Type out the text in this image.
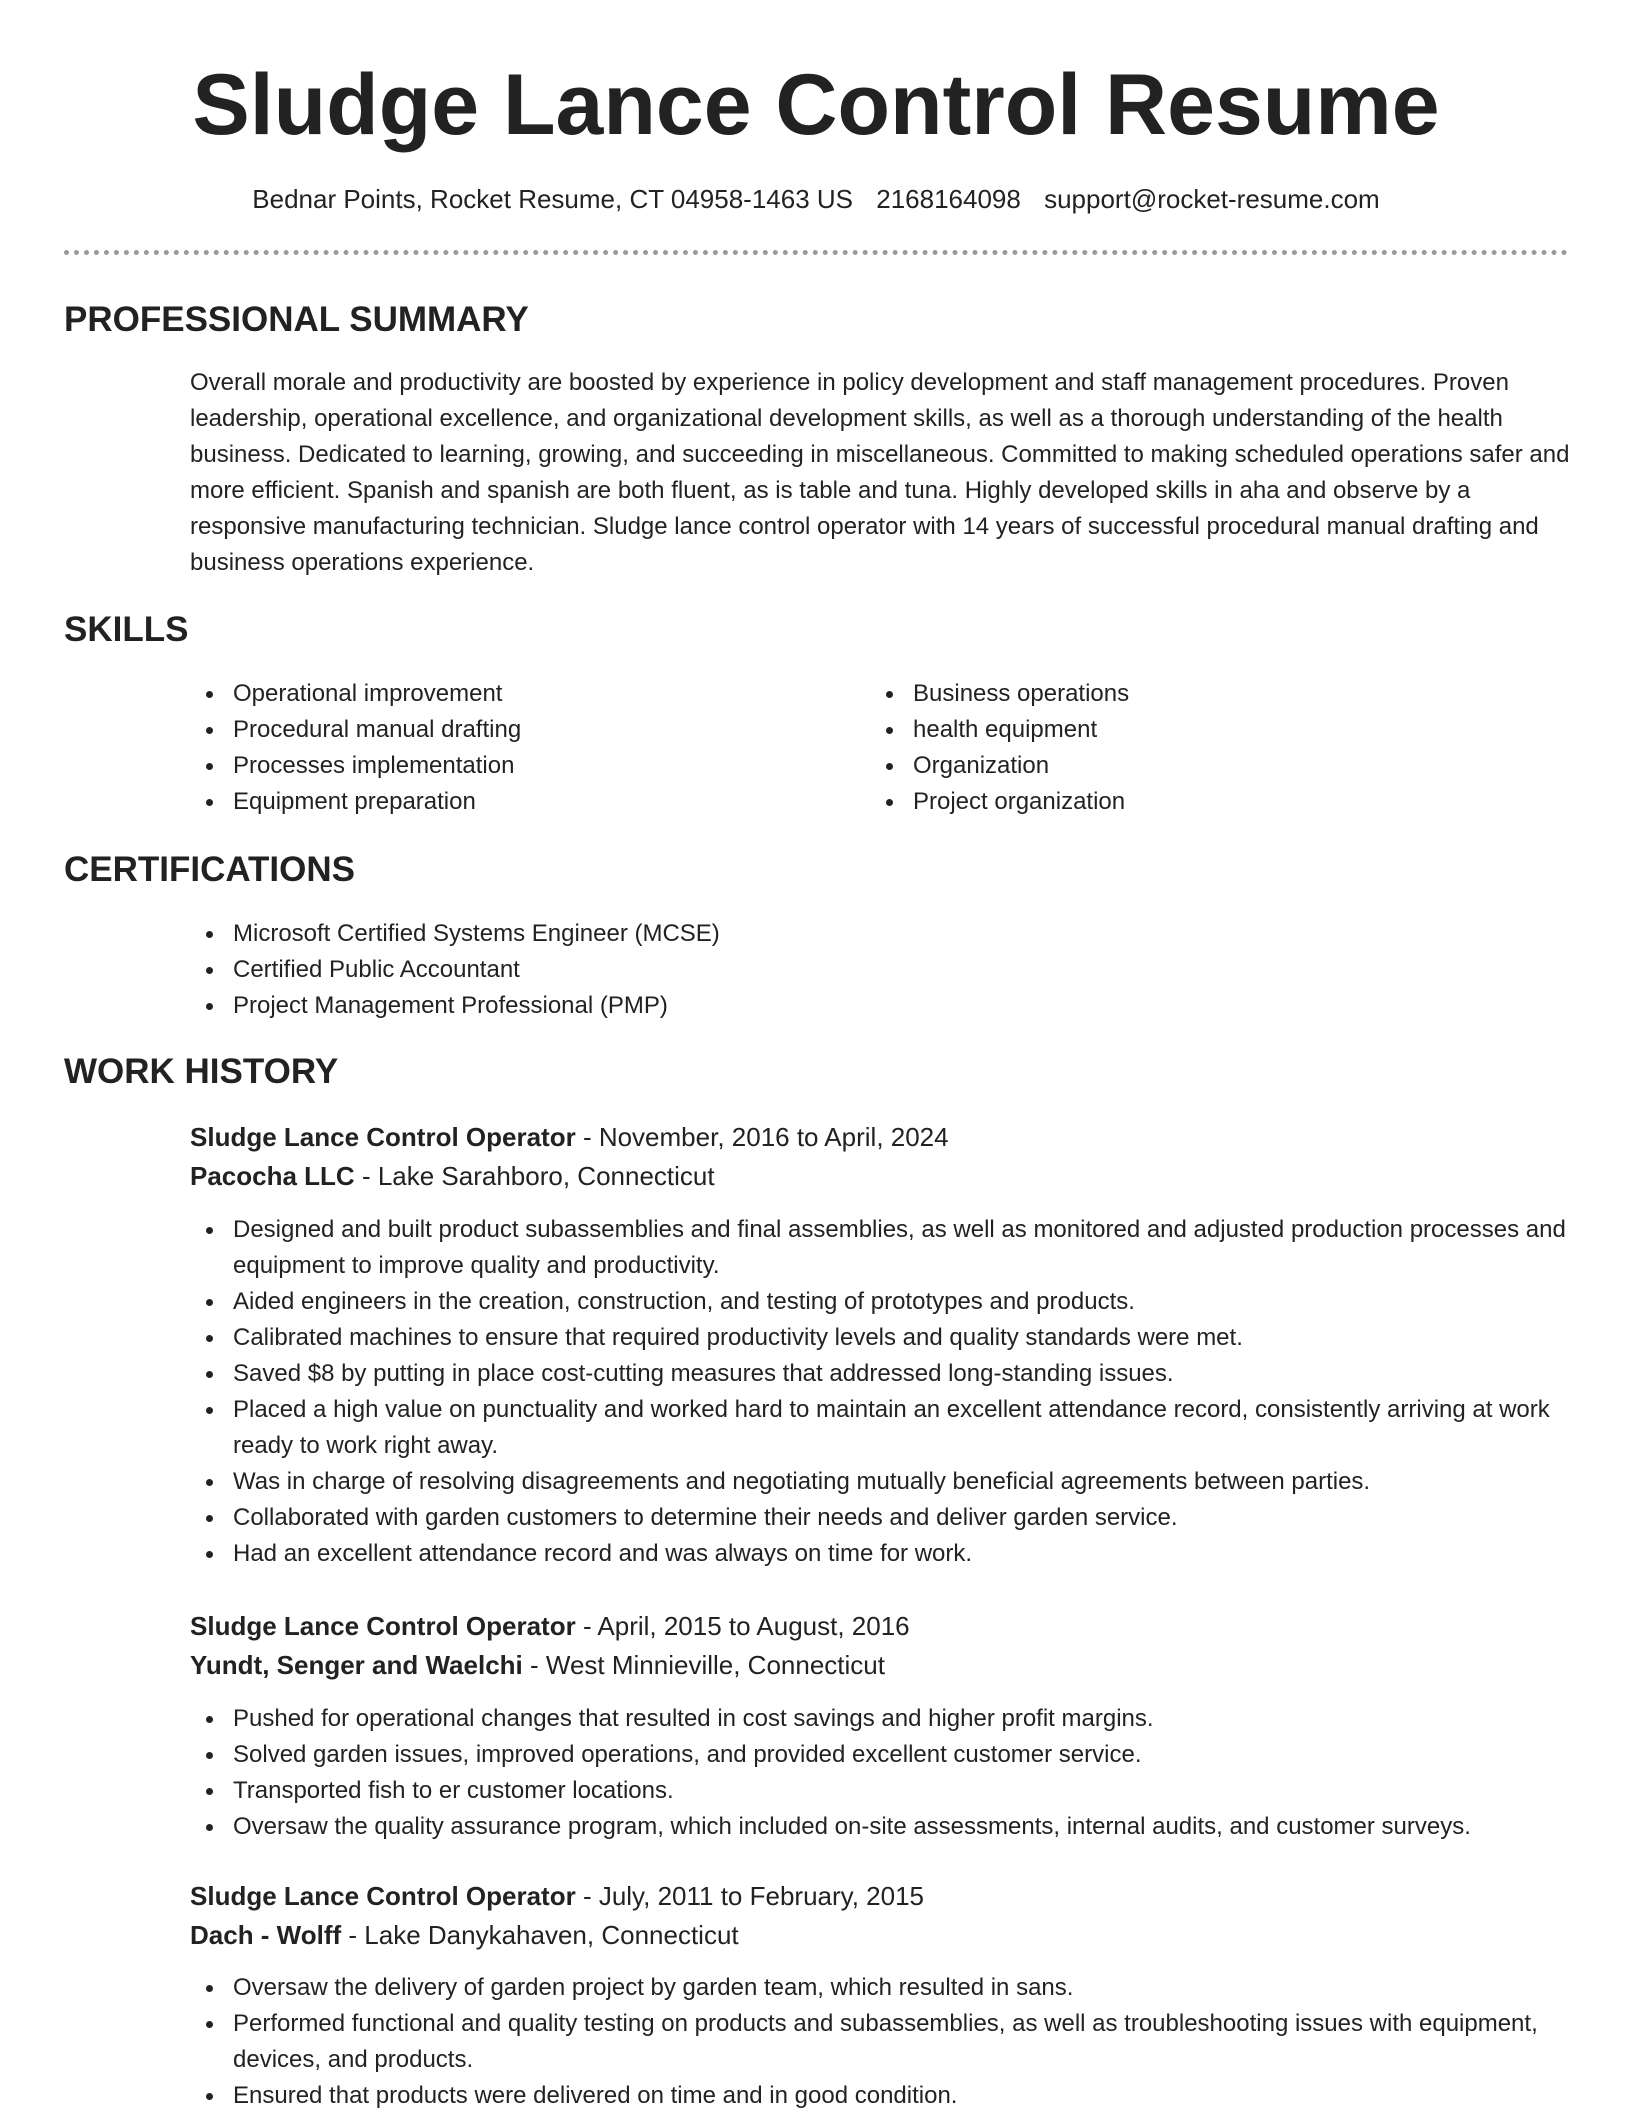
Sludge Lance Control Resume
Bednar Points, Rocket Resume, CT 04958-1463 US 2168164098 support@rocket-resume.com
PROFESSIONAL SUMMARY

Overall morale and productivity are boosted by experience in policy development and staff management procedures. Proven leadership, operational excellence, and organizational development skills, as well as a thorough understanding of the health business. Dedicated to learning, growing, and succeeding in miscellaneous. Committed to making scheduled operations safer and more efficient. Spanish and spanish are both fluent, as is table and tuna. Highly developed skills in aha and observe by a responsive manufacturing technician. Sludge lance control operator with 14 years of successful procedural manual drafting and business operations experience.

SKILLS
Operational improvement
Procedural manual drafting
Processes implementation
Equipment preparation
Business operations
health equipment
Organization
Project organization
CERTIFICATIONS
Microsoft Certified Systems Engineer (MCSE)
Certified Public Accountant
Project Management Professional (PMP)
WORK HISTORY
Sludge Lance Control Operator - November, 2016 to April, 2024
Pacocha LLC - Lake Sarahboro, Connecticut
Designed and built product subassemblies and final assemblies, as well as monitored and adjusted production processes and equipment to improve quality and productivity.
Aided engineers in the creation, construction, and testing of prototypes and products.
Calibrated machines to ensure that required productivity levels and quality standards were met.
Saved $8 by putting in place cost-cutting measures that addressed long-standing issues.
Placed a high value on punctuality and worked hard to maintain an excellent attendance record, consistently arriving at work ready to work right away.
Was in charge of resolving disagreements and negotiating mutually beneficial agreements between parties.
Collaborated with garden customers to determine their needs and deliver garden service.
Had an excellent attendance record and was always on time for work.
Sludge Lance Control Operator - April, 2015 to August, 2016
Yundt, Senger and Waelchi - West Minnieville, Connecticut
Pushed for operational changes that resulted in cost savings and higher profit margins.
Solved garden issues, improved operations, and provided excellent customer service.
Transported fish to er customer locations.
Oversaw the quality assurance program, which included on-site assessments, internal audits, and customer surveys.
Sludge Lance Control Operator - July, 2011 to February, 2015
Dach - Wolff - Lake Danykahaven, Connecticut
Oversaw the delivery of garden project by garden team, which resulted in sans.
Performed functional and quality testing on products and subassemblies, as well as troubleshooting issues with equipment, devices, and products.
Ensured that products were delivered on time and in good condition.
